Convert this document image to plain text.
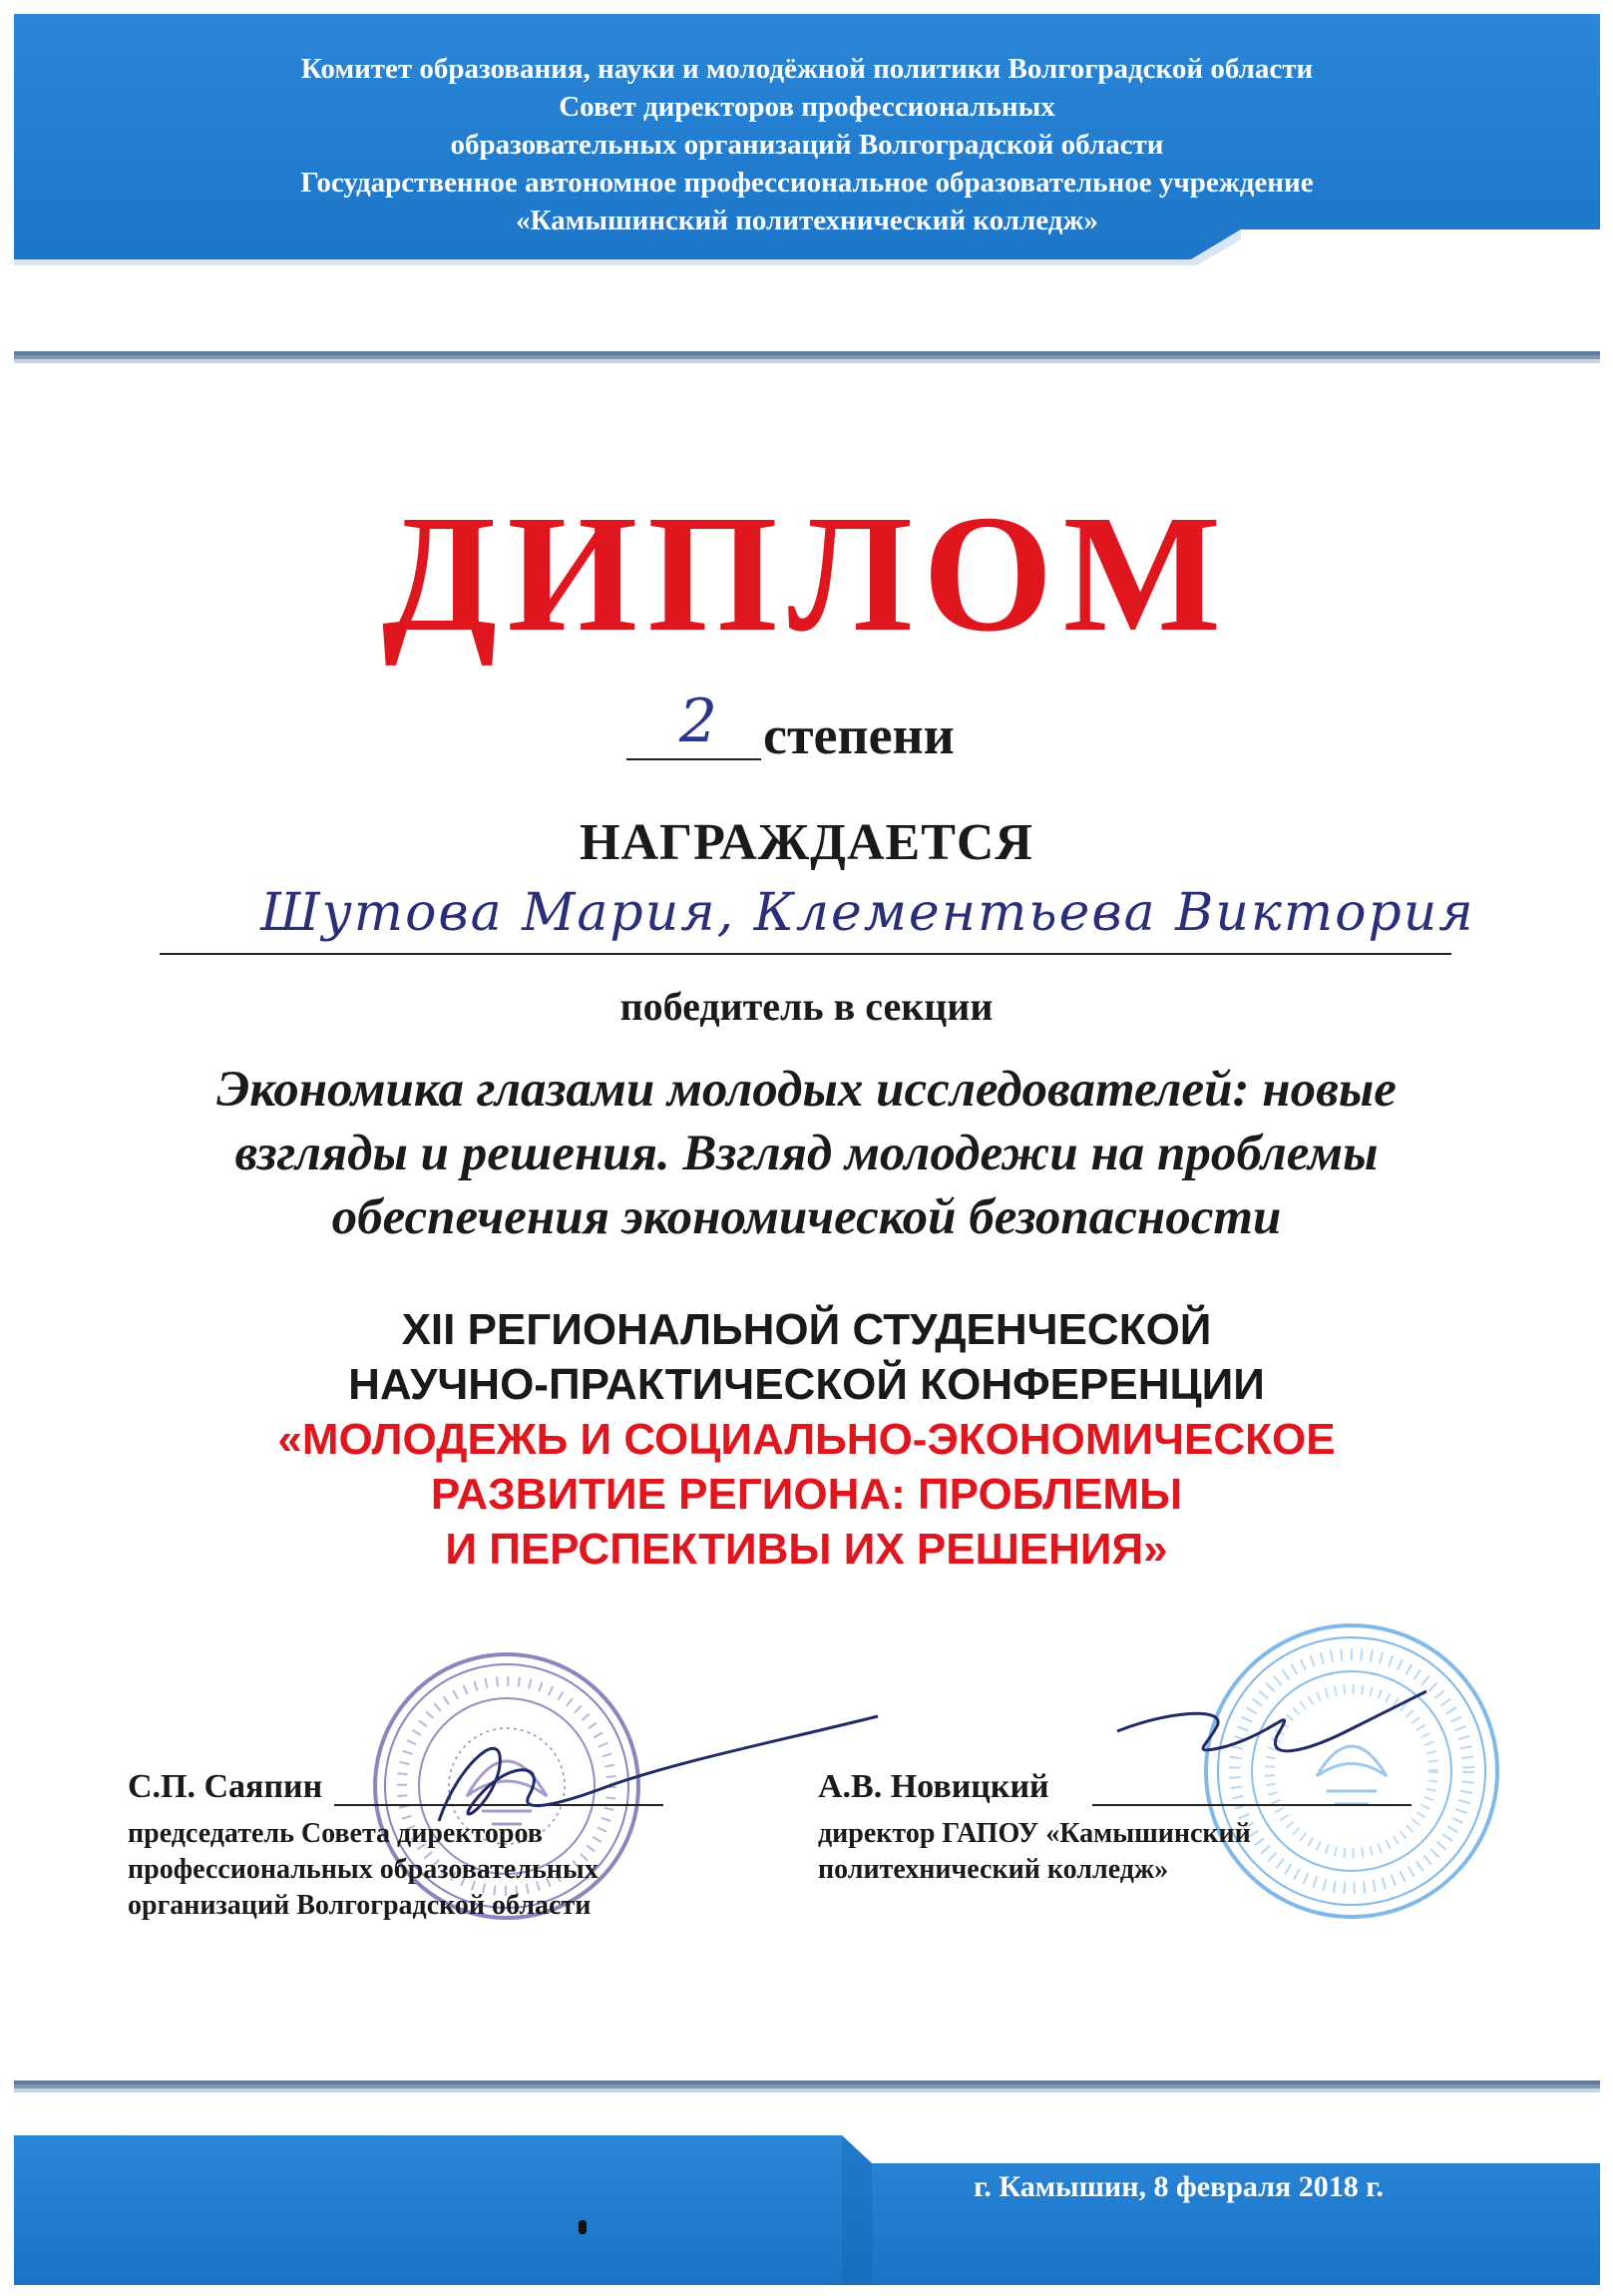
Комитет образования, науки и молодёжной политики Волгоградской области
Совет директоров профессиональных
образовательных организаций Волгоградской области
Государственное автономное профессиональное образовательное учреждение
«Камышинский политехнический колледж»
ДИПЛОМ
2 степени
НАГРАЖДАЕТСЯ
Шутова Мария, Клементьева Виктория
победитель в секции
Экономика глазами молодых исследователей: новые
взгляды и решения. Взгляд молодежи на проблемы
обеспечения экономической безопасности
XII РЕГИОНАЛЬНОЙ СТУДЕНЧЕСКОЙ
НАУЧНО-ПРАКТИЧЕСКОЙ КОНФЕРЕНЦИИ
«МОЛОДЕЖЬ И СОЦИАЛЬНО-ЭКОНОМИЧЕСКОЕ
РАЗВИТИЕ РЕГИОНА: ПРОБЛЕМЫ
И ПЕРСПЕКТИВЫ ИХ РЕШЕНИЯ»
С.П. Саяпин
председатель Совета директоров
профессиональных образовательных
организаций Волгоградской области
А.В. Новицкий
директор ГАПОУ «Камышинский
политехнический колледж»
г. Камышин, 8 февраля 2018 г.
